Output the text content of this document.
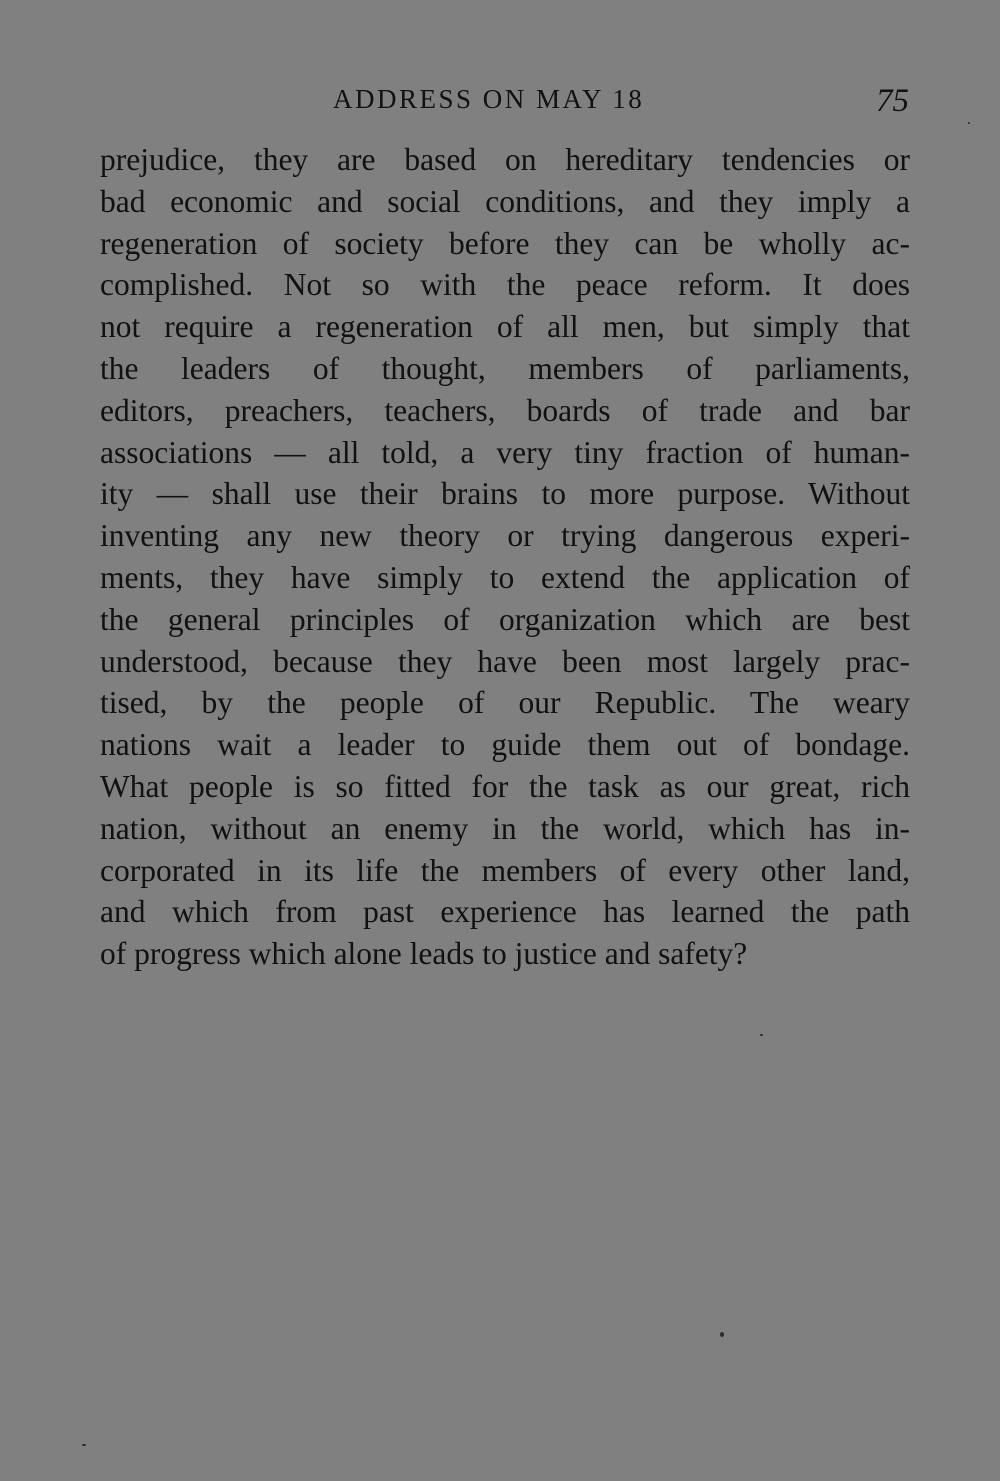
ADDRESS ON MAY 18	75
prejudice, they are based on hereditary tendencies or
bad economic and social conditions, and they imply a
regeneration of society before they can be wholly ac-
complished. Not so with the peace reform. It does
not require a regeneration of all men, but simply that
the leaders of thought, members of parliaments,
editors, preachers, teachers, boards of trade and bar
associations — all told, a very tiny fraction of human-
ity — shall use their brains to more purpose. Without
inventing any new theory or trying dangerous experi-
ments, they have simply to extend the application of
the general principles of organization which are best
understood, because they have been most largely prac-
tised, by the people of our Republic. The weary
nations wait a leader to guide them out of bondage.
What people is so fitted for the task as our great, rich
nation, without an enemy in the world, which has in-
corporated in its life the members of every other land,
and which from past experience has learned the path
of progress which alone leads to justice and safety?
